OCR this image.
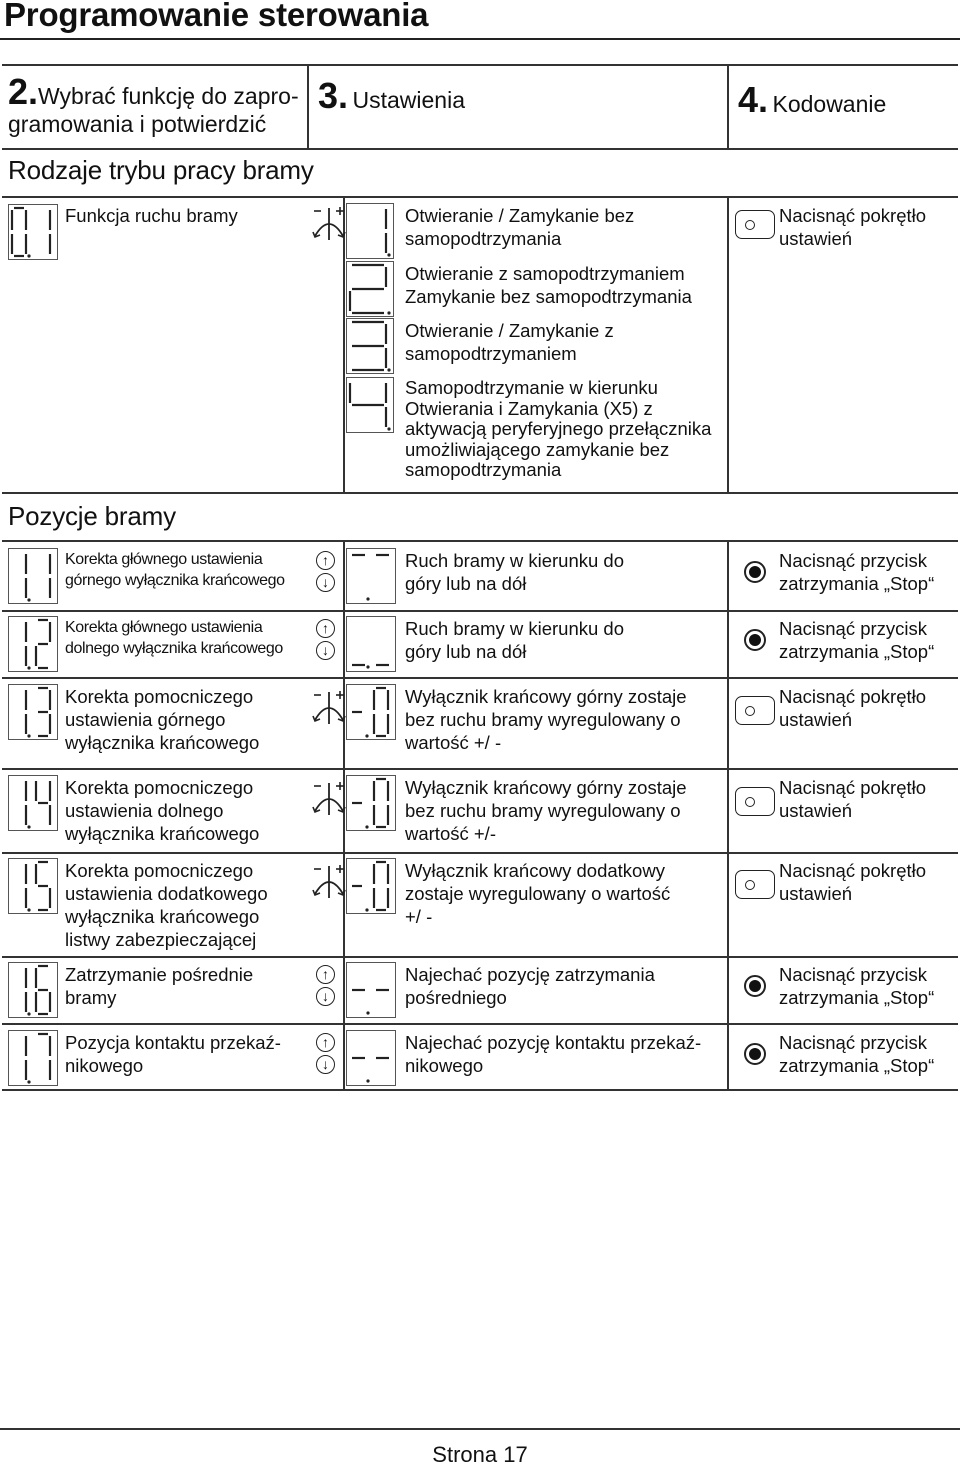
Programowanie sterowania
2.Wybrać funkcję do zapro-
gramowania i potwierdzić
3. Ustawienia	4. Kodowanie
Rodzaje trybu pracy bramy
Pozycje bramy
Funkcja ruchu bramy	Otwieranie / Zamykanie bez
samopodtrzymania
Otwieranie z samopodtrzymaniem
Zamykanie bez samopodtrzymania
Otwieranie / Zamykanie z
samopodtrzymaniem
Samopodtrzymanie w kierunku
Otwierania i Zamykania (X5) z
aktywacją peryferyjnego przełącznika
umożliwiającego zamykanie bez
samopodtrzymania
Nacisnąć pokrętło
ustawień
Korekta głównego ustawienia
górnego wyłącznika krańcowego
↑
↓
Ruch bramy w kierunku do
góry lub na dół
Nacisnąć przycisk
zatrzymania „Stop“
Korekta głównego ustawienia
dolnego wyłącznika krańcowego
↑
↓
Ruch bramy w kierunku do
góry lub na dół
Nacisnąć przycisk
zatrzymania „Stop“
Korekta pomocniczego
ustawienia górnego
wyłącznika krańcowego
Wyłącznik krańcowy górny zostaje
bez ruchu bramy wyregulowany o
wartość +/ -
Nacisnąć pokrętło
ustawień
Korekta pomocniczego
ustawienia dolnego
wyłącznika krańcowego
Wyłącznik krańcowy górny zostaje
bez ruchu bramy wyregulowany o
wartość +/-
Nacisnąć pokrętło
ustawień
Korekta pomocniczego
ustawienia dodatkowego
wyłącznika krańcowego
listwy zabezpieczającej
Wyłącznik krańcowy dodatkowy
zostaje wyregulowany o wartość
+/ -
Nacisnąć pokrętło
ustawień
Zatrzymanie pośrednie
bramy
↑
↓
Najechać pozycję zatrzymania
pośredniego
Nacisnąć przycisk
zatrzymania „Stop“
Pozycja kontaktu przekaź-
nikowego
↑
↓
Najechać pozycję kontaktu przekaź-
nikowego
Nacisnąć przycisk
zatrzymania „Stop“
Strona 17
